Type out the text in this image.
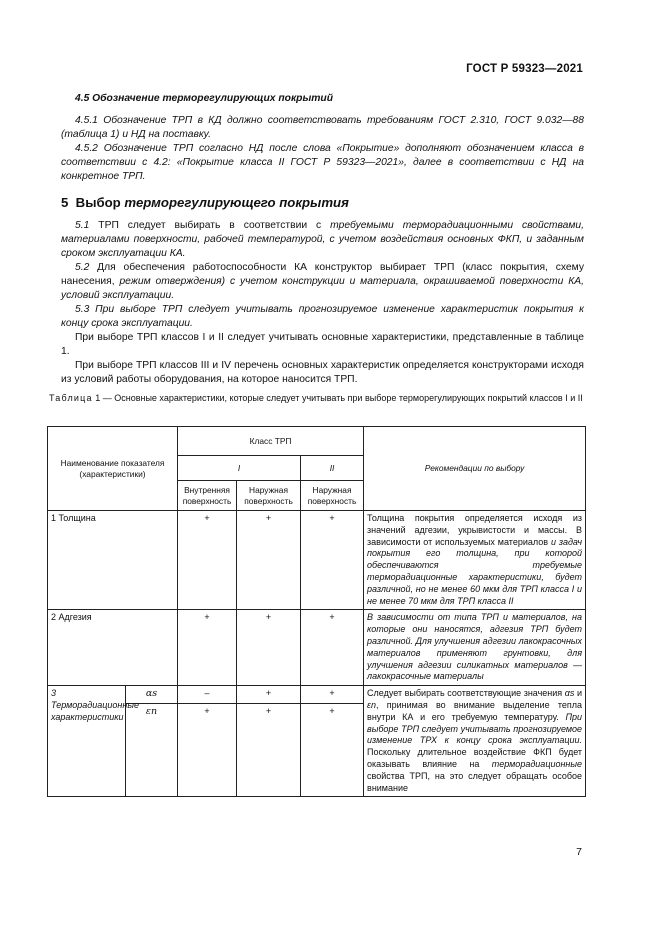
ГОСТ Р 59323—2021

4.5 Обозначение терморегулирующих покрытий

4.5.1 Обозначение ТРП в КД должно соответствовать требованиям ГОСТ 2.310, ГОСТ 9.032—88 (таблица 1) и НД на поставку.

4.5.2 Обозначение ТРП согласно НД после слова «Покрытие» дополняют обозначением класса в соответствии с 4.2: «Покрытие класса II ГОСТ Р 59323—2021», далее в соответствии с НД на конкретное ТРП.

5 Выбор терморегулирующего покрытия

5.1 ТРП следует выбирать в соответствии с требуемыми терморадиационными свойствами, материалами поверхности, рабочей температурой, с учетом воздействия основных ФКП, и заданным сроком эксплуатации КА.

5.2 Для обеспечения работоспособности КА конструктор выбирает ТРП (класс покрытия, схему нанесения, режим отверждения) с учетом конструкции и материала, окрашиваемой поверхности КА, условий эксплуатации.

5.3 При выборе ТРП следует учитывать прогнозируемое изменение характеристик покрытия к концу срока эксплуатации.

При выборе ТРП классов I и II следует учитывать основные характеристики, представленные в таблице 1.

При выборе ТРП классов III и IV перечень основных характеристик определяется конструкторами исходя из условий работы оборудования, на которое наносится ТРП.

Таблица 1 — Основные характеристики, которые следует учитывать при выборе терморегулирующих покрытий классов I и II
Наименование показателя (характеристики)		Класс ТРП			Рекомендации по выбору
		I		II	
		Внутренняя поверхность	Наружная поверхность	Наружная поверхность	
1 Толщина		+	+	+	Толщина покрытия определяется исходя из значений адгезии, укрывистости и массы. В зависимости от используемых материалов и задач покрытия его толщина, при которой обеспечиваются требуемые терморадиационные характеристики, будет различной, но не менее 60 мкм для ТРП класса I и не менее 70 мкм для ТРП класса II
2 Адгезия		+	+	+	В зависимости от типа ТРП и материалов, на которые они наносятся, адгезия ТРП будет различной. Для улучшения адгезии лакокрасочных материалов применяют грунтовки, для улучшения адгезии силикатных материалов — лакокрасочные материалы
3 Терморадиационные характеристики	αs	–	+	+	Следует выбирать соответствующие значения αs и εn, принимая во внимание выделение тепла внутри КА и его требуемую температуру. При выборе ТРП следует учитывать прогнозируемое изменение ТРХ к концу срока эксплуатации. Поскольку длительное воздействие ФКП будет оказывать влияние на терморадиационные свойства ТРП, на это следует обращать особое внимание
	εn	+	+	+	
7
